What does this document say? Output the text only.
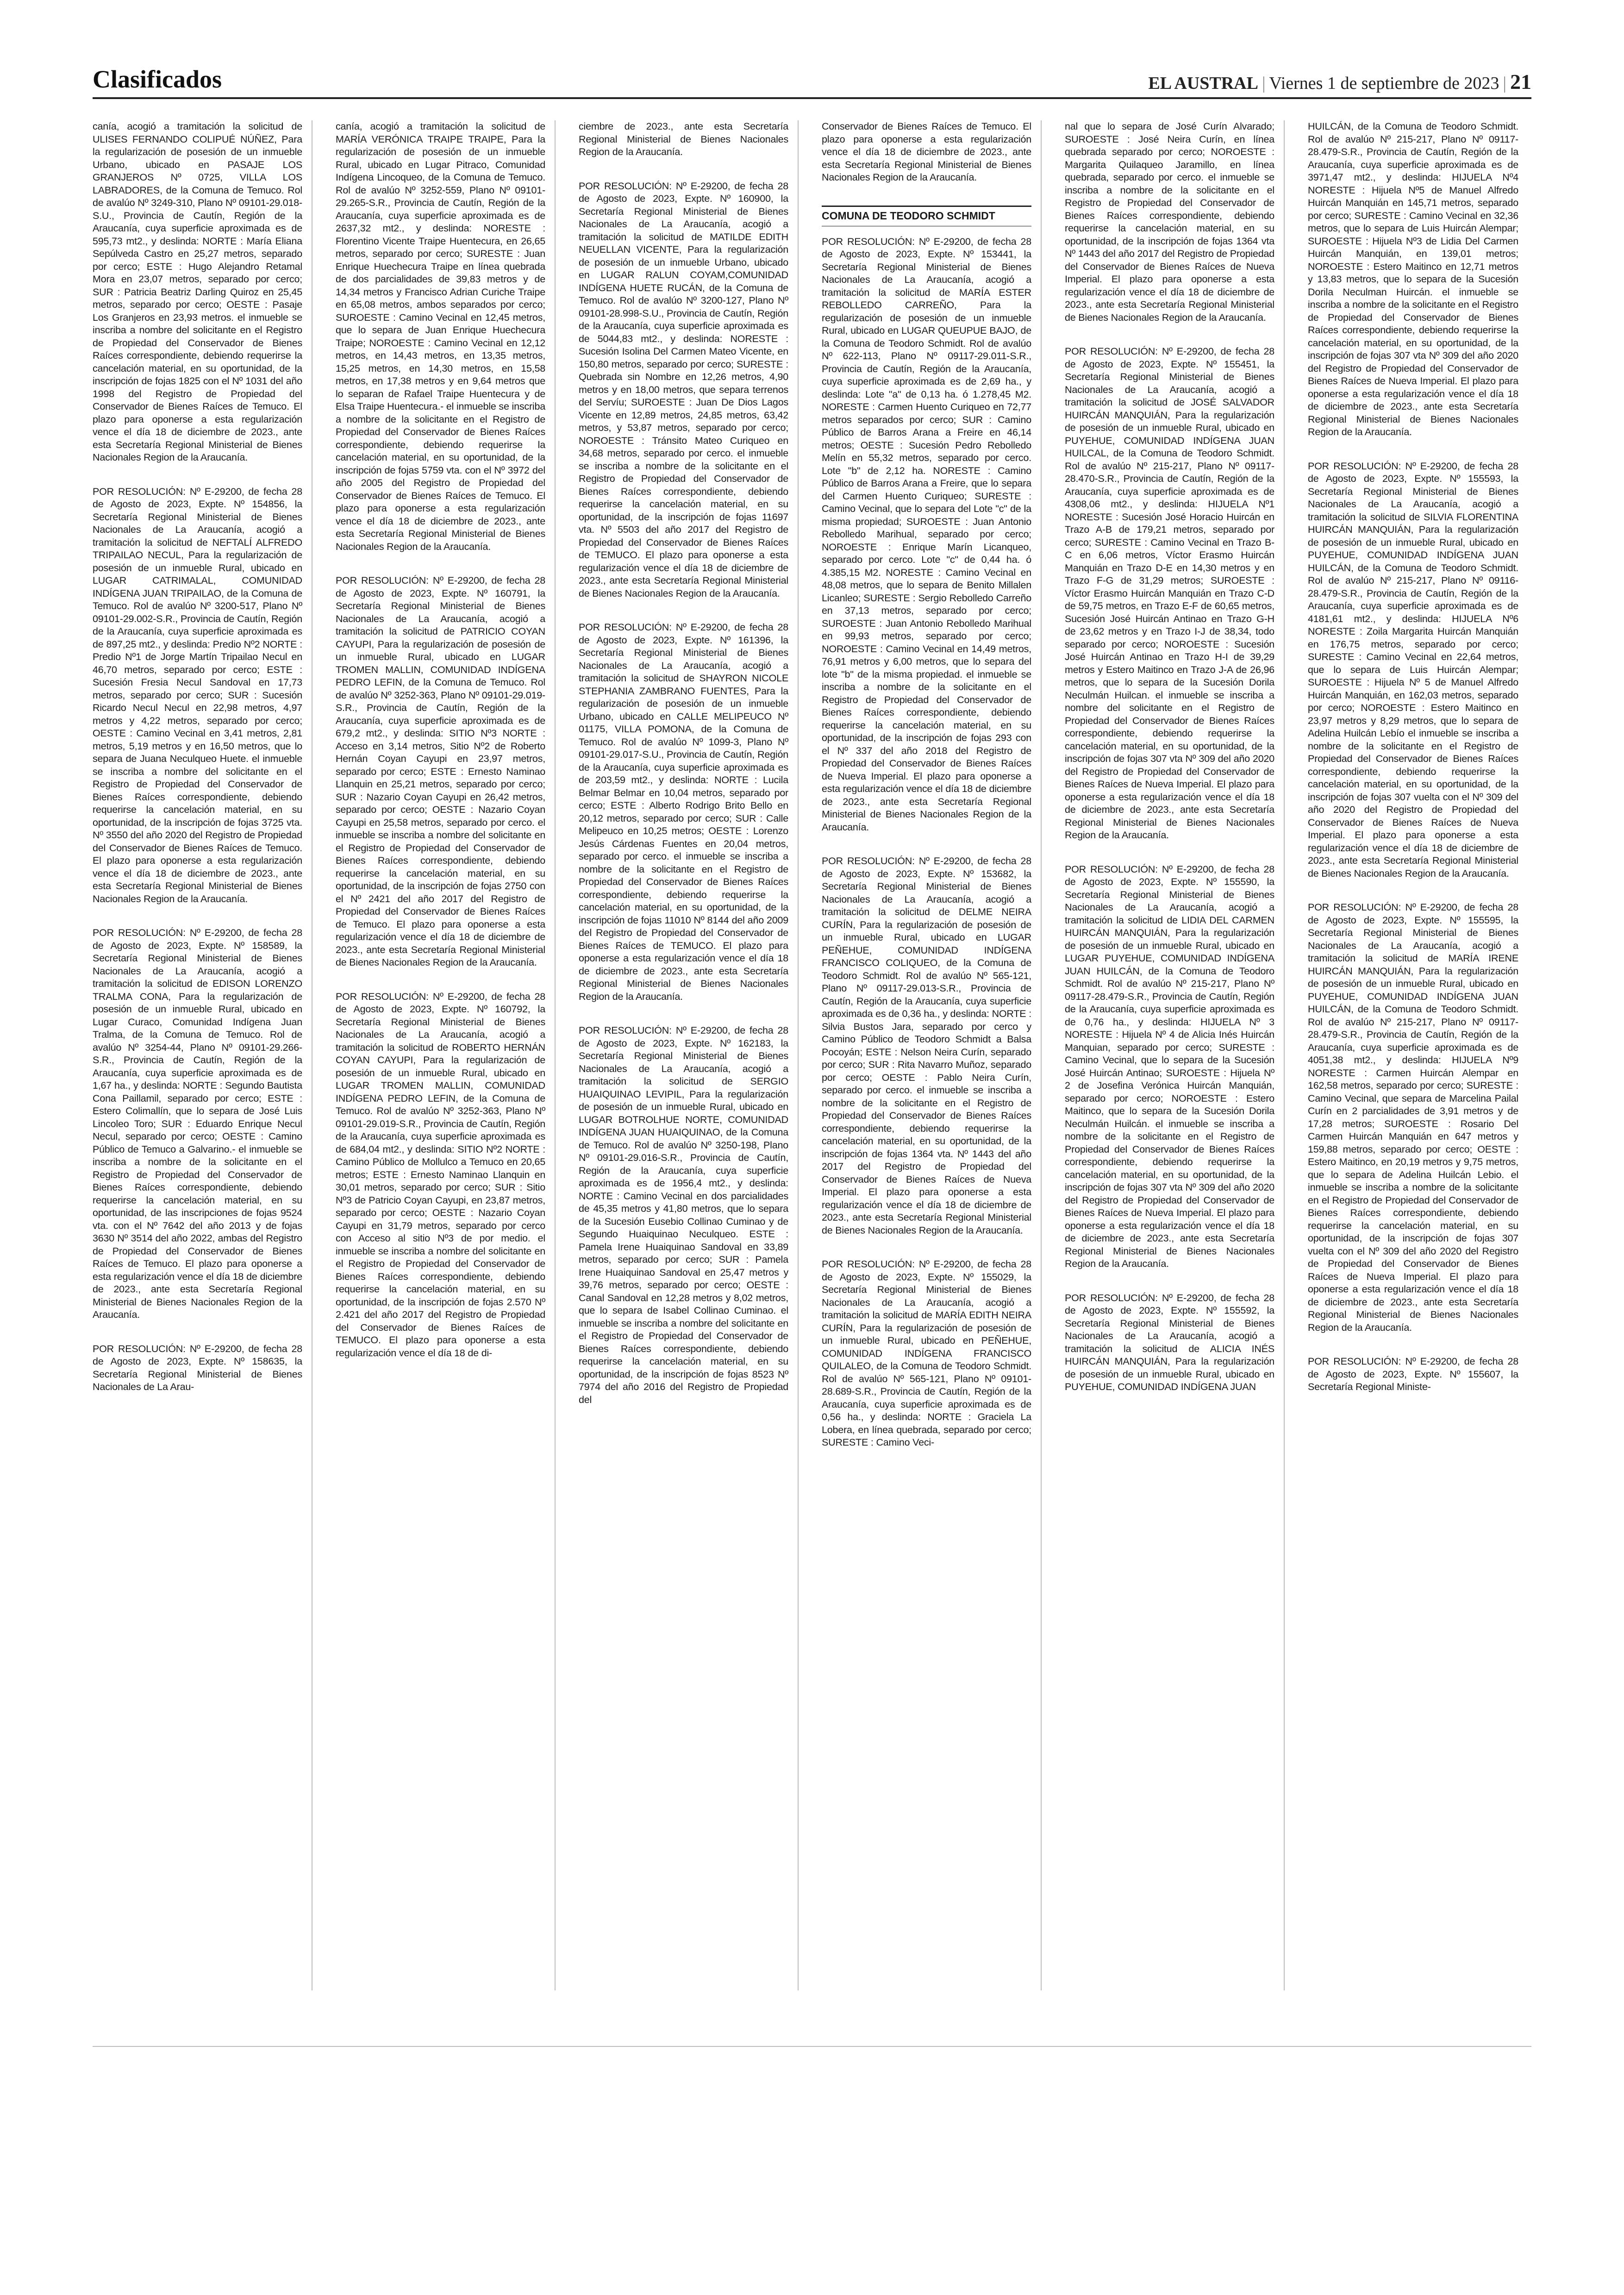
Clasificados	EL AUSTRAL | Viernes 1 de septiembre de 2023 | 21
canía, acogió a tramitación la solicitud de ULISES FERNANDO COLIPUÉ NÚÑEZ, Para la regularización de posesión de un inmueble Urbano, ubicado en PASAJE LOS GRANJEROS Nº 0725, VILLA LOS LABRADORES, de la Comuna de Temuco. Rol de avalúo Nº 3249-310, Plano Nº 09101-29.018-S.U., Provincia de Cautín, Región de la Araucanía, cuya superficie aproximada es de 595,73 mt2., y deslinda: NORTE : María Eliana Sepúlveda Castro en 25,27 metros, separado por cerco; ESTE : Hugo Alejandro Retamal Mora en 23,07 metros, separado por cerco; SUR : Patricia Beatriz Darling Quiroz en 25,45 metros, separado por cerco; OESTE : Pasaje Los Granjeros en 23,93 metros. el inmueble se inscriba a nombre del solicitante en el Registro de Propiedad del Conservador de Bienes Raíces correspondiente, debiendo requerirse la cancelación material, en su oportunidad, de la inscripción de fojas 1825 con el Nº 1031 del año 1998 del Registro de Propiedad del Conservador de Bienes Raíces de Temuco. El plazo para oponerse a esta regularización vence el día 18 de diciembre de 2023., ante esta Secretaría Regional Ministerial de Bienes Nacionales Region de la Araucanía.
POR RESOLUCIÓN: Nº E-29200, de fecha 28 de Agosto de 2023, Expte. Nº 154856, la Secretaría Regional Ministerial de Bienes Nacionales de La Araucanía, acogió a tramitación la solicitud de NEFTALÍ ALFREDO TRIPAILAO NECUL, Para la regularización de posesión de un inmueble Rural, ubicado en LUGAR CATRIMALAL, COMUNIDAD INDÍGENA JUAN TRIPAILAO, de la Comuna de Temuco. Rol de avalúo Nº 3200-517, Plano Nº 09101-29.002-S.R., Provincia de Cautín, Región de la Araucanía, cuya superficie aproximada es de 897,25 mt2., y deslinda: Predio Nº2 NORTE : Predio Nº1 de Jorge Martín Tripailao Necul en 46,70 metros, separado por cerco; ESTE : Sucesión Fresia Necul Sandoval en 17,73 metros, separado por cerco; SUR : Sucesión Ricardo Necul Necul en 22,98 metros, 4,97 metros y 4,22 metros, separado por cerco; OESTE : Camino Vecinal en 3,41 metros, 2,81 metros, 5,19 metros y en 16,50 metros, que lo separa de Juana Neculqueo Huete. el inmueble se inscriba a nombre del solicitante en el Registro de Propiedad del Conservador de Bienes Raíces correspondiente, debiendo requerirse la cancelación material, en su oportunidad, de la inscripción de fojas 3725 vta. Nº 3550 del año 2020 del Registro de Propiedad del Conservador de Bienes Raíces de Temuco. El plazo para oponerse a esta regularización vence el día 18 de diciembre de 2023., ante esta Secretaría Regional Ministerial de Bienes Nacionales Region de la Araucanía.
POR RESOLUCIÓN: Nº E-29200, de fecha 28 de Agosto de 2023, Expte. Nº 158589, la Secretaría Regional Ministerial de Bienes Nacionales de La Araucanía, acogió a tramitación la solicitud de EDISON LORENZO TRALMA CONA, Para la regularización de posesión de un inmueble Rural, ubicado en Lugar Curaco, Comunidad Indígena Juan Tralma, de la Comuna de Temuco. Rol de avalúo Nº 3254-44, Plano Nº 09101-29.266-S.R., Provincia de Cautín, Región de la Araucanía, cuya superficie aproximada es de 1,67 ha., y deslinda: NORTE : Segundo Bautista Cona Paillamil, separado por cerco; ESTE : Estero Colimallín, que lo separa de José Luis Lincoleo Toro; SUR : Eduardo Enrique Necul Necul, separado por cerco; OESTE : Camino Público de Temuco a Galvarino.- el inmueble se inscriba a nombre de la solicitante en el Registro de Propiedad del Conservador de Bienes Raíces correspondiente, debiendo requerirse la cancelación material, en su oportunidad, de las inscripciones de fojas 9524 vta. con el Nº 7642 del año 2013 y de fojas 3630 Nº 3514 del año 2022, ambas del Registro de Propiedad del Conservador de Bienes Raíces de Temuco. El plazo para oponerse a esta regularización vence el día 18 de diciembre de 2023., ante esta Secretaría Regional Ministerial de Bienes Nacionales Region de la Araucanía.
POR RESOLUCIÓN: Nº E-29200, de fecha 28 de Agosto de 2023, Expte. Nº 158635, la Secretaría Regional Ministerial de Bienes Nacionales de La Arau-
canía, acogió a tramitación la solicitud de MARÍA VERÓNICA TRAIPE TRAIPE, Para la regularización de posesión de un inmueble Rural, ubicado en Lugar Pitraco, Comunidad Indígena Lincoqueo, de la Comuna de Temuco. Rol de avalúo Nº 3252-559, Plano Nº 09101-29.265-S.R., Provincia de Cautín, Región de la Araucanía, cuya superficie aproximada es de 2637,32 mt2., y deslinda: NORESTE : Florentino Vicente Traipe Huentecura, en 26,65 metros, separado por cerco; SURESTE : Juan Enrique Huechecura Traipe en línea quebrada de dos parcialidades de 39,83 metros y de 14,34 metros y Francisco Adrian Curiche Traipe en 65,08 metros, ambos separados por cerco; SUROESTE : Camino Vecinal en 12,45 metros, que lo separa de Juan Enrique Huechecura Traipe; NOROESTE : Camino Vecinal en 12,12 metros, en 14,43 metros, en 13,35 metros, 15,25 metros, en 14,30 metros, en 15,58 metros, en 17,38 metros y en 9,64 metros que lo separan de Rafael Traipe Huentecura y de Elsa Traipe Huentecura.- el inmueble se inscriba a nombre de la solicitante en el Registro de Propiedad del Conservador de Bienes Raíces correspondiente, debiendo requerirse la cancelación material, en su oportunidad, de la inscripción de fojas 5759 vta. con el Nº 3972 del año 2005 del Registro de Propiedad del Conservador de Bienes Raíces de Temuco. El plazo para oponerse a esta regularización vence el día 18 de diciembre de 2023., ante esta Secretaría Regional Ministerial de Bienes Nacionales Region de la Araucanía.
POR RESOLUCIÓN: Nº E-29200, de fecha 28 de Agosto de 2023, Expte. Nº 160791, la Secretaría Regional Ministerial de Bienes Nacionales de La Araucanía, acogió a tramitación la solicitud de PATRICIO COYAN CAYUPI, Para la regularización de posesión de un inmueble Rural, ubicado en LUGAR TROMEN MALLIN, COMUNIDAD INDÍGENA PEDRO LEFIN, de la Comuna de Temuco. Rol de avalúo Nº 3252-363, Plano Nº 09101-29.019-S.R., Provincia de Cautín, Región de la Araucanía, cuya superficie aproximada es de 679,2 mt2., y deslinda: SITIO Nº3 NORTE : Acceso en 3,14 metros, Sitio Nº2 de Roberto Hernán Coyan Cayupi en 23,97 metros, separado por cerco; ESTE : Ernesto Naminao Llanquin en 25,21 metros, separado por cerco; SUR : Nazario Coyan Cayupi en 26,42 metros, separado por cerco; OESTE : Nazario Coyan Cayupi en 25,58 metros, separado por cerco. el inmueble se inscriba a nombre del solicitante en el Registro de Propiedad del Conservador de Bienes Raíces correspondiente, debiendo requerirse la cancelación material, en su oportunidad, de la inscripción de fojas 2750 con el Nº 2421 del año 2017 del Registro de Propiedad del Conservador de Bienes Raíces de Temuco. El plazo para oponerse a esta regularización vence el día 18 de diciembre de 2023., ante esta Secretaría Regional Ministerial de Bienes Nacionales Region de la Araucanía.
POR RESOLUCIÓN: Nº E-29200, de fecha 28 de Agosto de 2023, Expte. Nº 160792, la Secretaría Regional Ministerial de Bienes Nacionales de La Araucanía, acogió a tramitación la solicitud de ROBERTO HERNÁN COYAN CAYUPI, Para la regularización de posesión de un inmueble Rural, ubicado en LUGAR TROMEN MALLIN, COMUNIDAD INDÍGENA PEDRO LEFIN, de la Comuna de Temuco. Rol de avalúo Nº 3252-363, Plano Nº 09101-29.019-S.R., Provincia de Cautín, Región de la Araucanía, cuya superficie aproximada es de 684,04 mt2., y deslinda: SITIO Nº2 NORTE : Camino Público de Mollulco a Temuco en 20,65 metros; ESTE : Ernesto Naminao Llanquin en 30,01 metros, separado por cerco; SUR : Sitio Nº3 de Patricio Coyan Cayupi, en 23,87 metros, separado por cerco; OESTE : Nazario Coyan Cayupi en 31,79 metros, separado por cerco con Acceso al sitio Nº3 de por medio. el inmueble se inscriba a nombre del solicitante en el Registro de Propiedad del Conservador de Bienes Raíces correspondiente, debiendo requerirse la cancelación material, en su oportunidad, de la inscripción de fojas 2.570 Nº 2.421 del año 2017 del Registro de Propiedad del Conservador de Bienes Raíces de TEMUCO. El plazo para oponerse a esta regularización vence el día 18 de di-
ciembre de 2023., ante esta Secretaría Regional Ministerial de Bienes Nacionales Region de la Araucanía.
POR RESOLUCIÓN: Nº E-29200, de fecha 28 de Agosto de 2023, Expte. Nº 160900, la Secretaría Regional Ministerial de Bienes Nacionales de La Araucanía, acogió a tramitación la solicitud de MATILDE EDITH NEUELLAN VICENTE, Para la regularización de posesión de un inmueble Urbano, ubicado en LUGAR RALUN COYAM,COMUNIDAD INDÍGENA HUETE RUCÁN, de la Comuna de Temuco. Rol de avalúo Nº 3200-127, Plano Nº 09101-28.998-S.U., Provincia de Cautín, Región de la Araucanía, cuya superficie aproximada es de 5044,83 mt2., y deslinda: NORESTE : Sucesión Isolina Del Carmen Mateo Vicente, en 150,80 metros, separado por cerco; SURESTE : Quebrada sin Nombre en 12,26 metros, 4,90 metros y en 18,00 metros, que separa terrenos del Servíu; SUROESTE : Juan De Dios Lagos Vicente en 12,89 metros, 24,85 metros, 63,42 metros, y 53,87 metros, separado por cerco; NOROESTE : Tránsito Mateo Curiqueo en 34,68 metros, separado por cerco. el inmueble se inscriba a nombre de la solicitante en el Registro de Propiedad del Conservador de Bienes Raíces correspondiente, debiendo requerirse la cancelación material, en su oportunidad, de la inscripción de fojas 11697 vta. Nº 5503 del año 2017 del Registro de Propiedad del Conservador de Bienes Raíces de TEMUCO. El plazo para oponerse a esta regularización vence el día 18 de diciembre de 2023., ante esta Secretaría Regional Ministerial de Bienes Nacionales Region de la Araucanía.
POR RESOLUCIÓN: Nº E-29200, de fecha 28 de Agosto de 2023, Expte. Nº 161396, la Secretaría Regional Ministerial de Bienes Nacionales de La Araucanía, acogió a tramitación la solicitud de SHAYRON NICOLE STEPHANIA ZAMBRANO FUENTES, Para la regularización de posesión de un inmueble Urbano, ubicado en CALLE MELIPEUCO Nº 01175, VILLA POMONA, de la Comuna de Temuco. Rol de avalúo Nº 1099-3, Plano Nº 09101-29.017-S.U., Provincia de Cautín, Región de la Araucanía, cuya superficie aproximada es de 203,59 mt2., y deslinda: NORTE : Lucila Belmar Belmar en 10,04 metros, separado por cerco; ESTE : Alberto Rodrigo Brito Bello en 20,12 metros, separado por cerco; SUR : Calle Melipeuco en 10,25 metros; OESTE : Lorenzo Jesús Cárdenas Fuentes en 20,04 metros, separado por cerco. el inmueble se inscriba a nombre de la solicitante en el Registro de Propiedad del Conservador de Bienes Raíces correspondiente, debiendo requerirse la cancelación material, en su oportunidad, de la inscripción de fojas 11010 Nº 8144 del año 2009 del Registro de Propiedad del Conservador de Bienes Raíces de TEMUCO. El plazo para oponerse a esta regularización vence el día 18 de diciembre de 2023., ante esta Secretaría Regional Ministerial de Bienes Nacionales Region de la Araucanía.
POR RESOLUCIÓN: Nº E-29200, de fecha 28 de Agosto de 2023, Expte. Nº 162183, la Secretaría Regional Ministerial de Bienes Nacionales de La Araucanía, acogió a tramitación la solicitud de SERGIO HUAIQUINAO LEVIPIL, Para la regularización de posesión de un inmueble Rural, ubicado en LUGAR BOTROLHUE NORTE, COMUNIDAD INDÍGENA JUAN HUAIQUINAO, de la Comuna de Temuco. Rol de avalúo Nº 3250-198, Plano Nº 09101-29.016-S.R., Provincia de Cautín, Región de la Araucanía, cuya superficie aproximada es de 1956,4 mt2., y deslinda: NORTE : Camino Vecinal en dos parcialidades de 45,35 metros y 41,80 metros, que lo separa de la Sucesión Eusebio Collinao Cuminao y de Segundo Huaiquinao Neculqueo. ESTE : Pamela Irene Huaiquinao Sandoval en 33,89 metros, separado por cerco; SUR : Pamela Irene Huaiquinao Sandoval en 25,47 metros y 39,76 metros, separado por cerco; OESTE : Canal Sandoval en 12,28 metros y 8,02 metros, que lo separa de Isabel Collinao Cuminao. el inmueble se inscriba a nombre del solicitante en el Registro de Propiedad del Conservador de Bienes Raíces correspondiente, debiendo requerirse la cancelación material, en su oportunidad, de la inscripción de fojas 8523 Nº 7974 del año 2016 del Registro de Propiedad del
Conservador de Bienes Raíces de Temuco. El plazo para oponerse a esta regularización vence el día 18 de diciembre de 2023., ante esta Secretaría Regional Ministerial de Bienes Nacionales Region de la Araucanía.
COMUNA DE TEODORO SCHMIDT
POR RESOLUCIÓN: Nº E-29200, de fecha 28 de Agosto de 2023, Expte. Nº 153441, la Secretaría Regional Ministerial de Bienes Nacionales de La Araucanía, acogió a tramitación la solicitud de MARÍA ESTER REBOLLEDO CARREÑO, Para la regularización de posesión de un inmueble Rural, ubicado en LUGAR QUEUPUE BAJO, de la Comuna de Teodoro Schmidt. Rol de avalúo Nº 622-113, Plano Nº 09117-29.011-S.R., Provincia de Cautín, Región de la Araucanía, cuya superficie aproximada es de 2,69 ha., y deslinda: Lote "a" de 0,13 ha. ó 1.278,45 M2. NORESTE : Carmen Huento Curiqueo en 72,77 metros separados por cerco; SUR : Camino Público de Barros Arana a Freire en 46,14 metros; OESTE : Sucesión Pedro Rebolledo Melín en 55,32 metros, separado por cerco. Lote "b" de 2,12 ha. NORESTE : Camino Público de Barros Arana a Freire, que lo separa del Carmen Huento Curiqueo; SURESTE : Camino Vecinal, que lo separa del Lote "c" de la misma propiedad; SUROESTE : Juan Antonio Rebolledo Marihual, separado por cerco; NOROESTE : Enrique Marín Licanqueo, separado por cerco. Lote "c" de 0,44 ha. ó 4.385,15 M2. NORESTE : Camino Vecinal en 48,08 metros, que lo separa de Benito Millalen Licanleo; SURESTE : Sergio Rebolledo Carreño en 37,13 metros, separado por cerco; SUROESTE : Juan Antonio Rebolledo Marihual en 99,93 metros, separado por cerco; NOROESTE : Camino Vecinal en 14,49 metros, 76,91 metros y 6,00 metros, que lo separa del lote "b" de la misma propiedad. el inmueble se inscriba a nombre de la solicitante en el Registro de Propiedad del Conservador de Bienes Raíces correspondiente, debiendo requerirse la cancelación material, en su oportunidad, de la inscripción de fojas 293 con el Nº 337 del año 2018 del Registro de Propiedad del Conservador de Bienes Raíces de Nueva Imperial. El plazo para oponerse a esta regularización vence el día 18 de diciembre de 2023., ante esta Secretaría Regional Ministerial de Bienes Nacionales Region de la Araucanía.
POR RESOLUCIÓN: Nº E-29200, de fecha 28 de Agosto de 2023, Expte. Nº 153682, la Secretaría Regional Ministerial de Bienes Nacionales de La Araucanía, acogió a tramitación la solicitud de DELME NEIRA CURÍN, Para la regularización de posesión de un inmueble Rural, ubicado en LUGAR PEÑEHUE, COMUNIDAD INDÍGENA FRANCISCO COLIQUEO, de la Comuna de Teodoro Schmidt. Rol de avalúo Nº 565-121, Plano Nº 09117-29.013-S.R., Provincia de Cautín, Región de la Araucanía, cuya superficie aproximada es de 0,36 ha., y deslinda: NORTE : Silvia Bustos Jara, separado por cerco y Camino Público de Teodoro Schmidt a Balsa Pocoyán; ESTE : Nelson Neira Curín, separado por cerco; SUR : Rita Navarro Muñoz, separado por cerco; OESTE : Pablo Neira Curín, separado por cerco. el inmueble se inscriba a nombre de la solicitante en el Registro de Propiedad del Conservador de Bienes Raíces correspondiente, debiendo requerirse la cancelación material, en su oportunidad, de la inscripción de fojas 1364 vta. Nº 1443 del año 2017 del Registro de Propiedad del Conservador de Bienes Raíces de Nueva Imperial. El plazo para oponerse a esta regularización vence el día 18 de diciembre de 2023., ante esta Secretaría Regional Ministerial de Bienes Nacionales Region de la Araucanía.
POR RESOLUCIÓN: Nº E-29200, de fecha 28 de Agosto de 2023, Expte. Nº 155029, la Secretaría Regional Ministerial de Bienes Nacionales de La Araucanía, acogió a tramitación la solicitud de MARÍA EDITH NEIRA CURÍN, Para la regularización de posesión de un inmueble Rural, ubicado en PEÑEHUE, COMUNIDAD INDÍGENA FRANCISCO QUILALEO, de la Comuna de Teodoro Schmidt. Rol de avalúo Nº 565-121, Plano Nº 09101-28.689-S.R., Provincia de Cautín, Región de la Araucanía, cuya superficie aproximada es de 0,56 ha., y deslinda: NORTE : Graciela La Lobera, en línea quebrada, separado por cerco; SURESTE : Camino Veci-
nal que lo separa de José Curín Alvarado; SUROESTE : José Neira Curín, en línea quebrada separado por cerco; NOROESTE : Margarita Quilaqueo Jaramillo, en línea quebrada, separado por cerco. el inmueble se inscriba a nombre de la solicitante en el Registro de Propiedad del Conservador de Bienes Raíces correspondiente, debiendo requerirse la cancelación material, en su oportunidad, de la inscripción de fojas 1364 vta Nº 1443 del año 2017 del Registro de Propiedad del Conservador de Bienes Raíces de Nueva Imperial. El plazo para oponerse a esta regularización vence el día 18 de diciembre de 2023., ante esta Secretaría Regional Ministerial de Bienes Nacionales Region de la Araucanía.
POR RESOLUCIÓN: Nº E-29200, de fecha 28 de Agosto de 2023, Expte. Nº 155451, la Secretaría Regional Ministerial de Bienes Nacionales de La Araucanía, acogió a tramitación la solicitud de JOSÉ SALVADOR HUIRCÁN MANQUIÁN, Para la regularización de posesión de un inmueble Rural, ubicado en PUYEHUE, COMUNIDAD INDÍGENA JUAN HUILCAL, de la Comuna de Teodoro Schmidt. Rol de avalúo Nº 215-217, Plano Nº 09117-28.470-S.R., Provincia de Cautín, Región de la Araucanía, cuya superficie aproximada es de 4308,06 mt2., y deslinda: HIJUELA Nº1 NORESTE : Sucesión José Horacio Huircán en Trazo A-B de 179,21 metros, separado por cerco; SURESTE : Camino Vecinal en Trazo B-C en 6,06 metros, Víctor Erasmo Huircán Manquián en Trazo D-E en 14,30 metros y en Trazo F-G de 31,29 metros; SUROESTE : Víctor Erasmo Huircán Manquián en Trazo C-D de 59,75 metros, en Trazo E-F de 60,65 metros, Sucesión José Huircán Antinao en Trazo G-H de 23,62 metros y en Trazo I-J de 38,34, todo separado por cerco; NOROESTE : Sucesión José Huircán Antinao en Trazo H-I de 39,29 metros y Estero Maitinco en Trazo J-A de 26,96 metros, que lo separa de la Sucesión Dorila Neculmán Huilcan. el inmueble se inscriba a nombre del solicitante en el Registro de Propiedad del Conservador de Bienes Raíces correspondiente, debiendo requerirse la cancelación material, en su oportunidad, de la inscripción de fojas 307 vta Nº 309 del año 2020 del Registro de Propiedad del Conservador de Bienes Raíces de Nueva Imperial. El plazo para oponerse a esta regularización vence el día 18 de diciembre de 2023., ante esta Secretaría Regional Ministerial de Bienes Nacionales Region de la Araucanía.
POR RESOLUCIÓN: Nº E-29200, de fecha 28 de Agosto de 2023, Expte. Nº 155590, la Secretaría Regional Ministerial de Bienes Nacionales de La Araucanía, acogió a tramitación la solicitud de LIDIA DEL CARMEN HUIRCÁN MANQUIÁN, Para la regularización de posesión de un inmueble Rural, ubicado en LUGAR PUYEHUE, COMUNIDAD INDÍGENA JUAN HUILCÁN, de la Comuna de Teodoro Schmidt. Rol de avalúo Nº 215-217, Plano Nº 09117-28.479-S.R., Provincia de Cautín, Región de la Araucanía, cuya superficie aproximada es de 0,76 ha., y deslinda: HIJUELA Nº 3 NORESTE : Hijuela Nº 4 de Alicia Inés Huircán Manquian, separado por cerco; SURESTE : Camino Vecinal, que lo separa de la Sucesión José Huircán Antinao; SUROESTE : Hijuela Nº 2 de Josefina Verónica Huircán Manquián, separado por cerco; NOROESTE : Estero Maitinco, que lo separa de la Sucesión Dorila Neculmán Huilcán. el inmueble se inscriba a nombre de la solicitante en el Registro de Propiedad del Conservador de Bienes Raíces correspondiente, debiendo requerirse la cancelación material, en su oportunidad, de la inscripción de fojas 307 vta Nº 309 del año 2020 del Registro de Propiedad del Conservador de Bienes Raíces de Nueva Imperial. El plazo para oponerse a esta regularización vence el día 18 de diciembre de 2023., ante esta Secretaría Regional Ministerial de Bienes Nacionales Region de la Araucanía.
POR RESOLUCIÓN: Nº E-29200, de fecha 28 de Agosto de 2023, Expte. Nº 155592, la Secretaría Regional Ministerial de Bienes Nacionales de La Araucanía, acogió a tramitación la solicitud de ALICIA INÉS HUIRCÁN MANQUIÁN, Para la regularización de posesión de un inmueble Rural, ubicado en PUYEHUE, COMUNIDAD INDÍGENA JUAN
HUILCÁN, de la Comuna de Teodoro Schmidt. Rol de avalúo Nº 215-217, Plano Nº 09117-28.479-S.R., Provincia de Cautín, Región de la Araucanía, cuya superficie aproximada es de 3971,47 mt2., y deslinda: HIJUELA Nº4 NORESTE : Hijuela Nº5 de Manuel Alfredo Huircán Manquián en 145,71 metros, separado por cerco; SURESTE : Camino Vecinal en 32,36 metros, que lo separa de Luis Huircán Alempar; SUROESTE : Hijuela Nº3 de Lidia Del Carmen Huircán Manquián, en 139,01 metros; NOROESTE : Estero Maitinco en 12,71 metros y 13,83 metros, que lo separa de la Sucesión Dorila Neculman Huircán. el inmueble se inscriba a nombre de la solicitante en el Registro de Propiedad del Conservador de Bienes Raíces correspondiente, debiendo requerirse la cancelación material, en su oportunidad, de la inscripción de fojas 307 vta Nº 309 del año 2020 del Registro de Propiedad del Conservador de Bienes Raíces de Nueva Imperial. El plazo para oponerse a esta regularización vence el día 18 de diciembre de 2023., ante esta Secretaría Regional Ministerial de Bienes Nacionales Region de la Araucanía.
POR RESOLUCIÓN: Nº E-29200, de fecha 28 de Agosto de 2023, Expte. Nº 155593, la Secretaría Regional Ministerial de Bienes Nacionales de La Araucanía, acogió a tramitación la solicitud de SILVIA FLORENTINA HUIRCÁN MANQUIÁN, Para la regularización de posesión de un inmueble Rural, ubicado en PUYEHUE, COMUNIDAD INDÍGENA JUAN HUILCÁN, de la Comuna de Teodoro Schmidt. Rol de avalúo Nº 215-217, Plano Nº 09116-28.479-S.R., Provincia de Cautín, Región de la Araucanía, cuya superficie aproximada es de 4181,61 mt2., y deslinda: HIJUELA Nº6 NORESTE : Zoila Margarita Huircán Manquián en 176,75 metros, separado por cerco; SURESTE : Camino Vecinal en 22,64 metros, que lo separa de Luis Huircán Alempar; SUROESTE : Hijuela Nº 5 de Manuel Alfredo Huircán Manquián, en 162,03 metros, separado por cerco; NOROESTE : Estero Maitinco en 23,97 metros y 8,29 metros, que lo separa de Adelina Huilcán Lebío el inmueble se inscriba a nombre de la solicitante en el Registro de Propiedad del Conservador de Bienes Raíces correspondiente, debiendo requerirse la cancelación material, en su oportunidad, de la inscripción de fojas 307 vuelta con el Nº 309 del año 2020 del Registro de Propiedad del Conservador de Bienes Raíces de Nueva Imperial. El plazo para oponerse a esta regularización vence el día 18 de diciembre de 2023., ante esta Secretaría Regional Ministerial de Bienes Nacionales Region de la Araucanía.
POR RESOLUCIÓN: Nº E-29200, de fecha 28 de Agosto de 2023, Expte. Nº 155595, la Secretaría Regional Ministerial de Bienes Nacionales de La Araucanía, acogió a tramitación la solicitud de MARÍA IRENE HUIRCÁN MANQUIÁN, Para la regularización de posesión de un inmueble Rural, ubicado en PUYEHUE, COMUNIDAD INDÍGENA JUAN HUILCÁN, de la Comuna de Teodoro Schmidt. Rol de avalúo Nº 215-217, Plano Nº 09117-28.479-S.R., Provincia de Cautín, Región de la Araucanía, cuya superficie aproximada es de 4051,38 mt2., y deslinda: HIJUELA Nº9 NORESTE : Carmen Huircán Alempar en 162,58 metros, separado por cerco; SURESTE : Camino Vecinal, que separa de Marcelina Pailal Curín en 2 parcialidades de 3,91 metros y de 17,28 metros; SUROESTE : Rosario Del Carmen Huircán Manquián en 647 metros y 159,88 metros, separado por cerco; OESTE : Estero Maitinco, en 20,19 metros y 9,75 metros, que lo separa de Adelina Huilcán Lebio. el inmueble se inscriba a nombre de la solicitante en el Registro de Propiedad del Conservador de Bienes Raíces correspondiente, debiendo requerirse la cancelación material, en su oportunidad, de la inscripción de fojas 307 vuelta con el Nº 309 del año 2020 del Registro de Propiedad del Conservador de Bienes Raíces de Nueva Imperial. El plazo para oponerse a esta regularización vence el día 18 de diciembre de 2023., ante esta Secretaría Regional Ministerial de Bienes Nacionales Region de la Araucanía.
POR RESOLUCIÓN: Nº E-29200, de fecha 28 de Agosto de 2023, Expte. Nº 155607, la Secretaría Regional Ministe-
